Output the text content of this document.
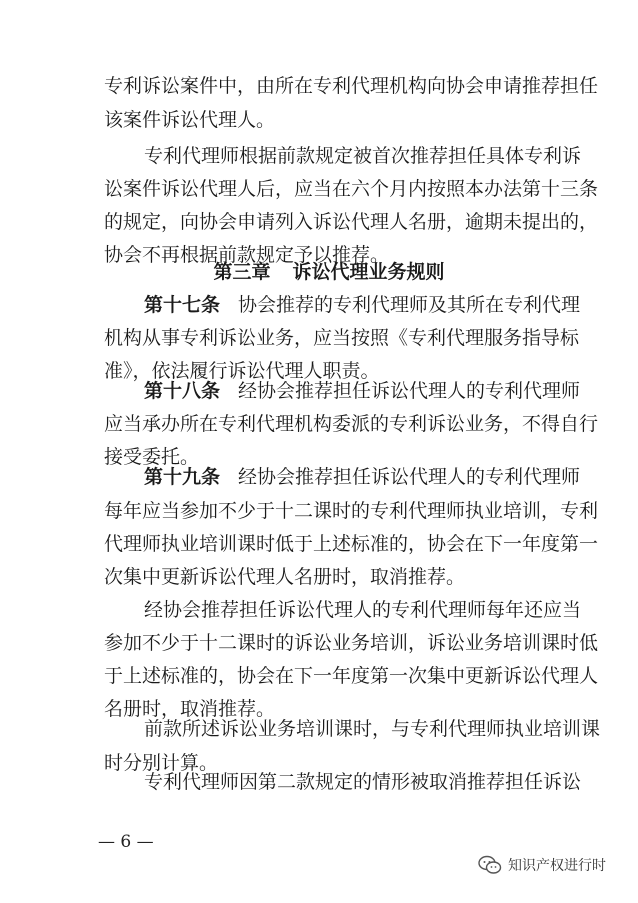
专利诉讼案件中，由所在专利代理机构向协会申请推荐担任
该案件诉讼代理人。
专利代理师根据前款规定被首次推荐担任具体专利诉
讼案件诉讼代理人后，应当在六个月内按照本办法第十三条
的规定，向协会申请列入诉讼代理人名册，逾期未提出的，
协会不再根据前款规定予以推荐。
第三章 诉讼代理业务规则
第十七条 协会推荐的专利代理师及其所在专利代理
机构从事专利诉讼业务，应当按照《专利代理服务指导标
准》，依法履行诉讼代理人职责。
第十八条 经协会推荐担任诉讼代理人的专利代理师
应当承办所在专利代理机构委派的专利诉讼业务，不得自行
接受委托。
第十九条 经协会推荐担任诉讼代理人的专利代理师
每年应当参加不少于十二课时的专利代理师执业培训，专利
代理师执业培训课时低于上述标准的，协会在下一年度第一
次集中更新诉讼代理人名册时，取消推荐。
经协会推荐担任诉讼代理人的专利代理师每年还应当
参加不少于十二课时的诉讼业务培训，诉讼业务培训课时低
于上述标准的，协会在下一年度第一次集中更新诉讼代理人
名册时，取消推荐。
前款所述诉讼业务培训课时，与专利代理师执业培训课
时分别计算。
专利代理师因第二款规定的情形被取消推荐担任诉讼
— 6 —
知识产权进行时
